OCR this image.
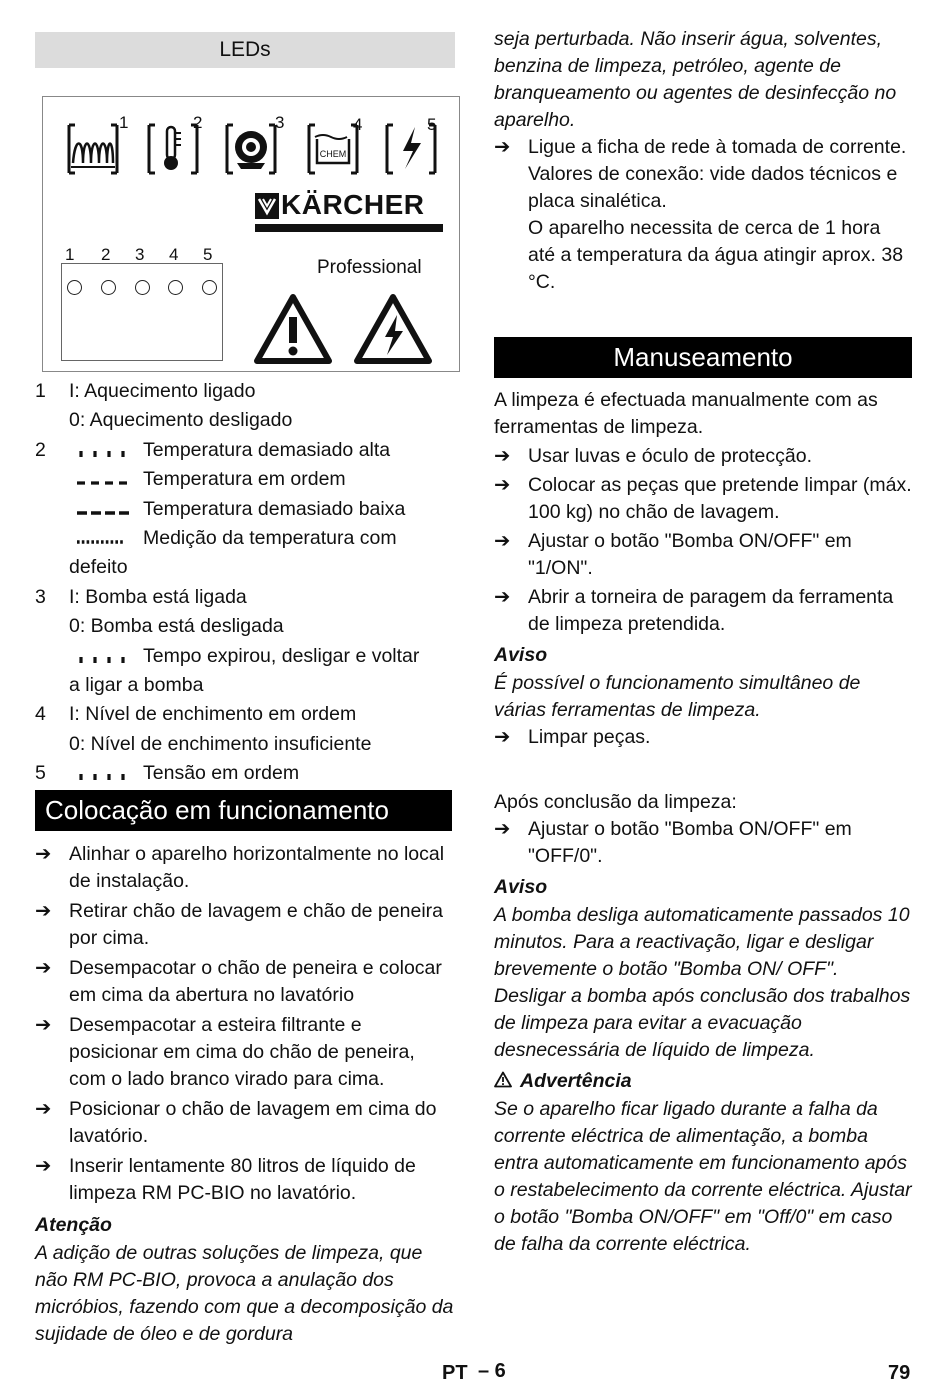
LEDs
CHEM
1	2	3	4	5
KÄRCHER
Professional
1 2 3 4 5
1 I: Aquecimento ligado
0: Aquecimento desligado
2	Temperatura demasiado alta
Temperatura em ordem
Temperatura demasiado baixa
Medição da temperatura com
defeito
3 I: Bomba está ligada
0: Bomba está desligada
Tempo expirou, desligar e voltar
a ligar a bomba
4 I: Nível de enchimento em ordem
0: Nível de enchimento insuficiente
5	Tensão em ordem
Colocação em funcionamento
➔ Alinhar o aparelho horizontalmente no local de instalação.
➔ Retirar chão de lavagem e chão de peneira por cima.
➔ Desempacotar o chão de peneira e colocar em cima da abertura no lavatório
➔ Desempacotar a esteira filtrante e posicionar em cima do chão de peneira, com o lado branco virado para cima.
➔ Posicionar o chão de lavagem em cima do lavatório.
➔ Inserir lentamente 80 litros de líquido de limpeza RM PC-BIO no lavatório.
Atenção
A adição de outras soluções de limpeza, que não RM PC-BIO, provoca a anulação dos micróbios, fazendo com que a decomposição da sujidade de óleo e de gordura
seja perturbada. Não inserir água, solventes, benzina de limpeza, petróleo, agente de branqueamento ou agentes de desinfecção no aparelho.
➔ Ligue a ficha de rede à tomada de corrente.
Valores de conexão: vide dados técnicos e placa sinalética.
O aparelho necessita de cerca de 1 hora até a temperatura da água atingir aprox. 38 °C.
Manuseamento
A limpeza é efectuada manualmente com as ferramentas de limpeza.
➔ Usar luvas e óculo de protecção.
➔ Colocar as peças que pretende limpar (máx. 100 kg) no chão de lavagem.
➔ Ajustar o botão "Bomba ON/OFF" em "1/ON".
➔ Abrir a torneira de paragem da ferramenta de limpeza pretendida.
Aviso
É possível o funcionamento simultâneo de várias ferramentas de limpeza.
➔ Limpar peças.
Após conclusão da limpeza:
➔ Ajustar o botão "Bomba ON/OFF" em "OFF/0".
Aviso
A bomba desliga automaticamente passados 10 minutos. Para a reactivação, ligar e desligar brevemente o botão "Bomba ON/ OFF".
Desligar a bomba após conclusão dos trabalhos de limpeza para evitar a evacuação desnecessária de líquido de limpeza.
Advertência
Se o aparelho ficar ligado durante a falha da corrente eléctrica de alimentação, a bomba entra automaticamente em funcionamento após o restabelecimento da corrente eléctrica. Ajustar o botão "Bomba ON/OFF" em "Off/0" em caso de falha da corrente eléctrica.
PT – 6	79
